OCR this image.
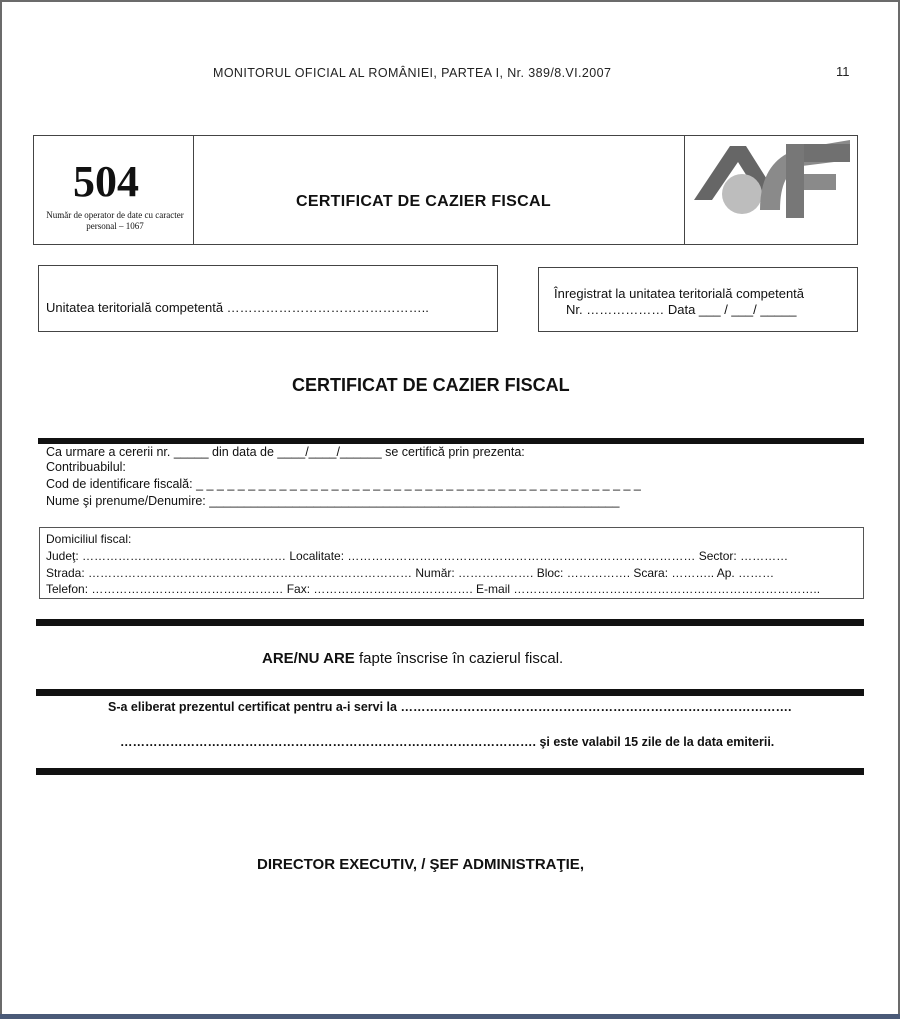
MONITORUL OFICIAL AL ROMÂNIEI, PARTEA I, Nr. 389/8.VI.2007	11
504
Număr de operator de date cu caracter personal – 1067
CERTIFICAT DE CAZIER FISCAL
Unitatea teritorială competentă ………………………………………..
Înregistrat la unitatea teritorială competentă
Nr. ……………… Data ___ / ___/ _____
CERTIFICAT DE CAZIER FISCAL
Ca urmare a cererii nr. _____ din data de ____/____/______ se certifică prin prezenta:
Contribuabilul:
Cod de identificare fiscală: _ _ _ _ _ _ _ _ _ _ _ _ _ _ _ _ _ _ _ _ _ _ _ _ _ _ _ _ _ _ _ _ _ _ _ _ _ _ _ _ _ _ _
Nume şi prenume/Denumire: ___________________________________________________________
Domiciliul fiscal:
Judeţ: …………………………………………… Localitate: …………………………………………………………………………… Sector: …………
Strada: ……………………………………………………………………… Număr: ………………. Bloc: ……………. Scara: ……….. Ap. ………
Telefon: ………………………………………… Fax: …………………………………. E-mail …………………………………………………………………..
ARE/NU ARE fapte înscrise în cazierul fiscal.
S-a eliberat prezentul certificat pentru a-i servi la ………………………………………………………………………………….
………………………………………………………………………………………. şi este valabil 15 zile de la data emiterii.
DIRECTOR EXECUTIV, / ŞEF ADMINISTRAŢIE,
